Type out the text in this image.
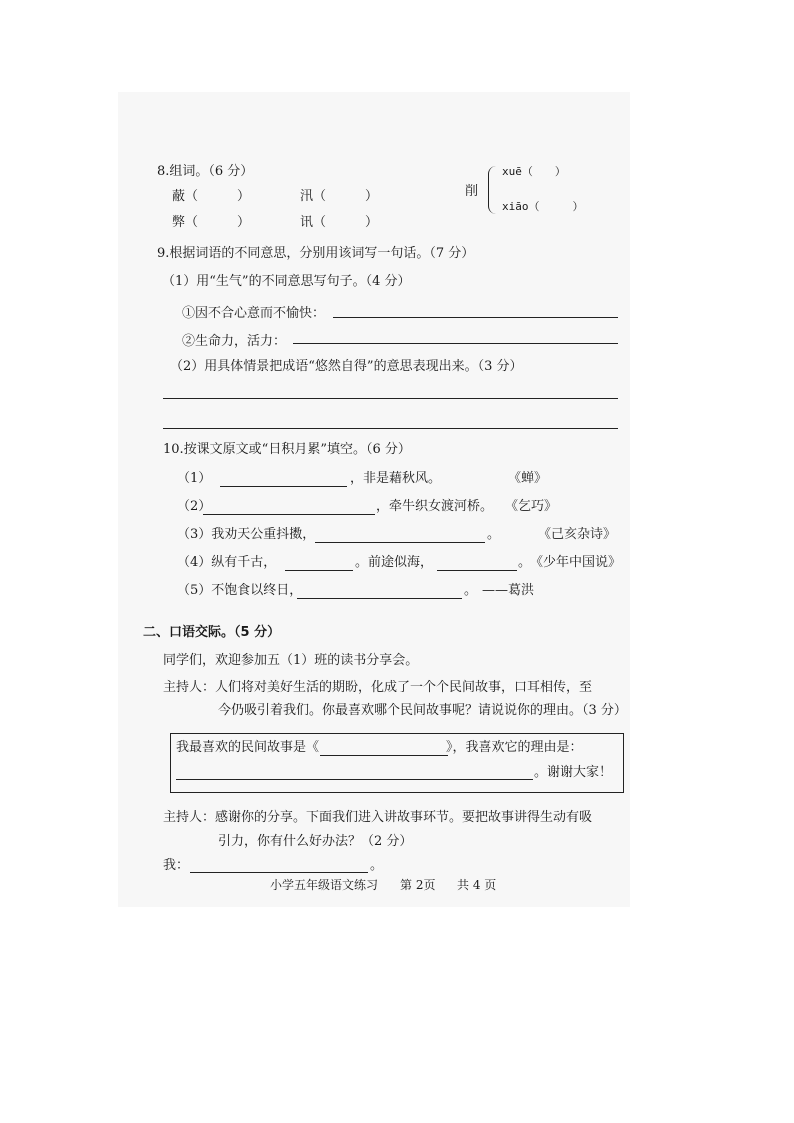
8.组词。（6 分）
蔽（　　　）	汛（　　　）
弊（　　　）	讯（　　　）
削
xuē（　　）
xiāo（　　　）
9.根据词语的不同意思，分别用该词写一句话。（7 分）
（1）用“生气”的不同意思写句子。（4 分）
①因不合心意而不愉快：
②生命力，活力：
（2）用具体情景把成语“悠然自得”的意思表现出来。（3 分）
10.按课文原文或“日积月累”填空。（6 分）
（1）	，非是藉秋风。	《蝉》
（2）	，牵牛织女渡河桥。 《乞巧》
（3）我劝天公重抖擞，	。	《己亥杂诗》
（4）纵有千古，	。前途似海，	。
《少年中国说》
（5）不饱食以终日，	。 ——葛洪
二、口语交际。（5 分）
同学们，欢迎参加五（1）班的读书分享会。
主持人：人们将对美好生活的期盼，化成了一个个民间故事，口耳相传，至
今仍吸引着我们。你最喜欢哪个民间故事呢？请说说你的理由。（3 分）
我最喜欢的民间故事是《	》，我喜欢它的理由是：
。谢谢大家！
主持人：感谢你的分享。下面我们进入讲故事环节。要把故事讲得生动有吸
引力，你有什么好办法？（2 分）
我：	。
小学五年级语文练习 第 2页 共 4 页
